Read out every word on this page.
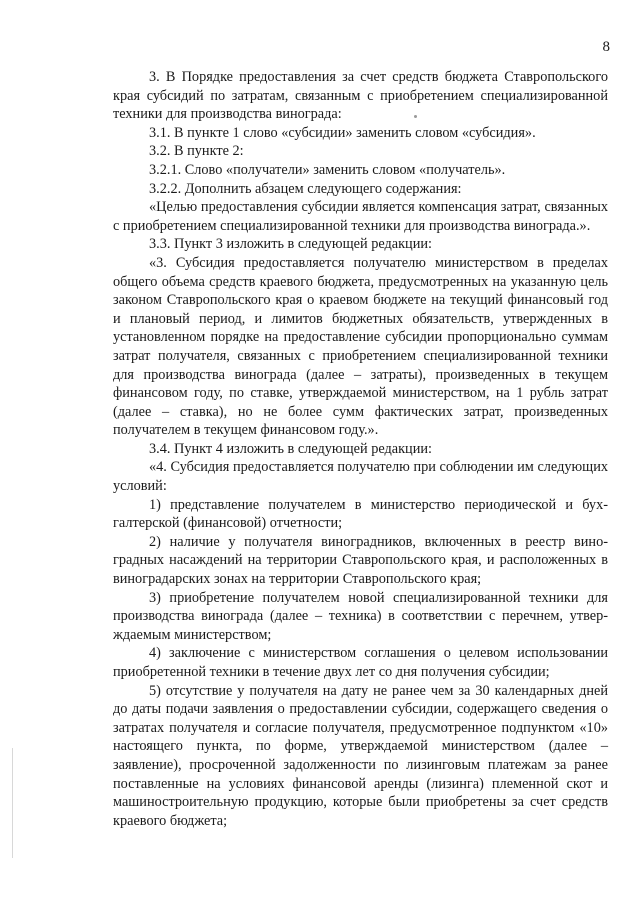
8

3. В Порядке предоставления за счет средств бюджета Ставропольского края субсидий по затратам, связанным с приобретением специализированной техники для производства винограда:

3.1. В пункте 1 слово «субсидии» заменить словом «субсидия».

3.2. В пункте 2:

3.2.1. Слово «получатели» заменить словом «получатель».

3.2.2. Дополнить абзацем следующего содержания:

«Целью предоставления субсидии является компенсация затрат, связанных с приобретением специализированной техники для производства винограда.».

3.3. Пункт 3 изложить в следующей редакции:

«3. Субсидия предоставляется получателю министерством в пределах общего объема средств краевого бюджета, предусмотренных на указанную цель законом Ставропольского края о краевом бюджете на текущий финансовый год и плановый период, и лимитов бюджетных обязательств, утвержденных в установленном порядке на предоставление субсидии пропорционально суммам затрат получателя, связанных с приобретением специализированной техники для производства винограда (далее – затраты), произведенных в текущем финансовом году, по ставке, утверждаемой министерством, на 1 рубль затрат (далее – ставка), но не более сумм фактических затрат, произведенных получателем в текущем финансовом году.».

3.4. Пункт 4 изложить в следующей редакции:

«4. Субсидия предоставляется получателю при соблюдении им следующих условий:

1) представление получателем в министерство периодической и бухгалтерской (финансовой) отчетности;

2) наличие у получателя виноградников, включенных в реестр виноградных насаждений на территории Ставропольского края, и расположенных в виноградарских зонах на территории Ставропольского края;

3) приобретение получателем новой специализированной техники для производства винограда (далее – техника) в соответствии с перечнем, утверждаемым министерством;

4) заключение с министерством соглашения о целевом использовании приобретенной техники в течение двух лет со дня получения субсидии;

5) отсутствие у получателя на дату не ранее чем за 30 календарных дней до даты подачи заявления о предоставлении субсидии, содержащего сведения о затратах получателя и согласие получателя, предусмотренное подпунктом «10» настоящего пункта, по форме, утверждаемой министерством (далее – заявление), просроченной задолженности по лизинговым платежам за ранее поставленные на условиях финансовой аренды (лизинга) племенной скот и машиностроительную продукцию, которые были приобретены за счет средств краевого бюджета;
